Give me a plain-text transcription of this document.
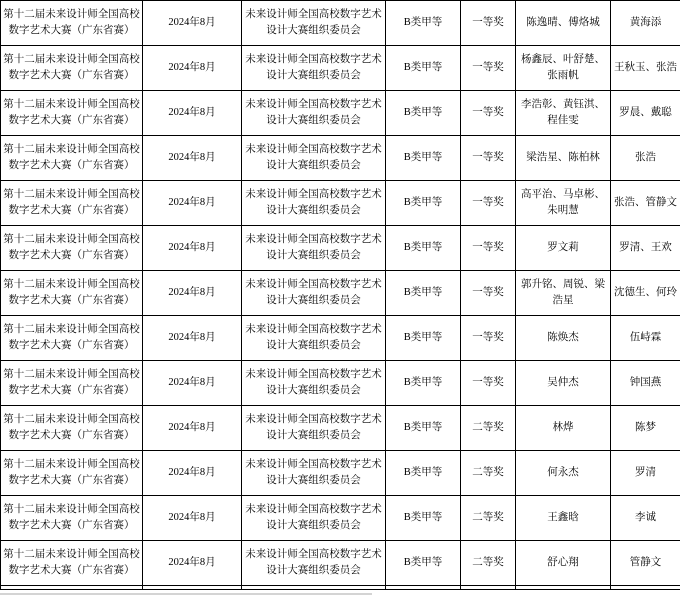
第十二届未来设计师全国高校数字艺术大赛（广东省赛）	2024年8月	未来设计师全国高校数字艺术设计大赛组织委员会	B类甲等	一等奖	陈逸晴、傅烙城	黄海添
第十二届未来设计师全国高校数字艺术大赛（广东省赛）	2024年8月	未来设计师全国高校数字艺术设计大赛组织委员会	B类甲等	一等奖	杨鑫辰、叶舒楚、张雨帆	王秋玉、张浩
第十二届未来设计师全国高校数字艺术大赛（广东省赛）	2024年8月	未来设计师全国高校数字艺术设计大赛组织委员会	B类甲等	一等奖	李浩彰、黄钰淇、程佳雯	罗晨、戴聪
第十二届未来设计师全国高校数字艺术大赛（广东省赛）	2024年8月	未来设计师全国高校数字艺术设计大赛组织委员会	B类甲等	一等奖	梁浩星、陈柏林	张浩
第十二届未来设计师全国高校数字艺术大赛（广东省赛）	2024年8月	未来设计师全国高校数字艺术设计大赛组织委员会	B类甲等	一等奖	高平治、马卓彬、朱明慧	张浩、管静文
第十二届未来设计师全国高校数字艺术大赛（广东省赛）	2024年8月	未来设计师全国高校数字艺术设计大赛组织委员会	B类甲等	一等奖	罗文莉	罗清、王欢
第十二届未来设计师全国高校数字艺术大赛（广东省赛）	2024年8月	未来设计师全国高校数字艺术设计大赛组织委员会	B类甲等	一等奖	郭升铭、周锐、梁浩星	沈德生、何玲
第十二届未来设计师全国高校数字艺术大赛（广东省赛）	2024年8月	未来设计师全国高校数字艺术设计大赛组织委员会	B类甲等	一等奖	陈焕杰	伍峙霖
第十二届未来设计师全国高校数字艺术大赛（广东省赛）	2024年8月	未来设计师全国高校数字艺术设计大赛组织委员会	B类甲等	一等奖	吴仲杰	钟国燕
第十二届未来设计师全国高校数字艺术大赛（广东省赛）	2024年8月	未来设计师全国高校数字艺术设计大赛组织委员会	B类甲等	二等奖	林烨	陈梦
第十二届未来设计师全国高校数字艺术大赛（广东省赛）	2024年8月	未来设计师全国高校数字艺术设计大赛组织委员会	B类甲等	二等奖	何永杰	罗清
第十二届未来设计师全国高校数字艺术大赛（广东省赛）	2024年8月	未来设计师全国高校数字艺术设计大赛组织委员会	B类甲等	二等奖	王鑫晗	李诚
第十二届未来设计师全国高校数字艺术大赛（广东省赛）	2024年8月	未来设计师全国高校数字艺术设计大赛组织委员会	B类甲等	二等奖	舒心翔	管静文
